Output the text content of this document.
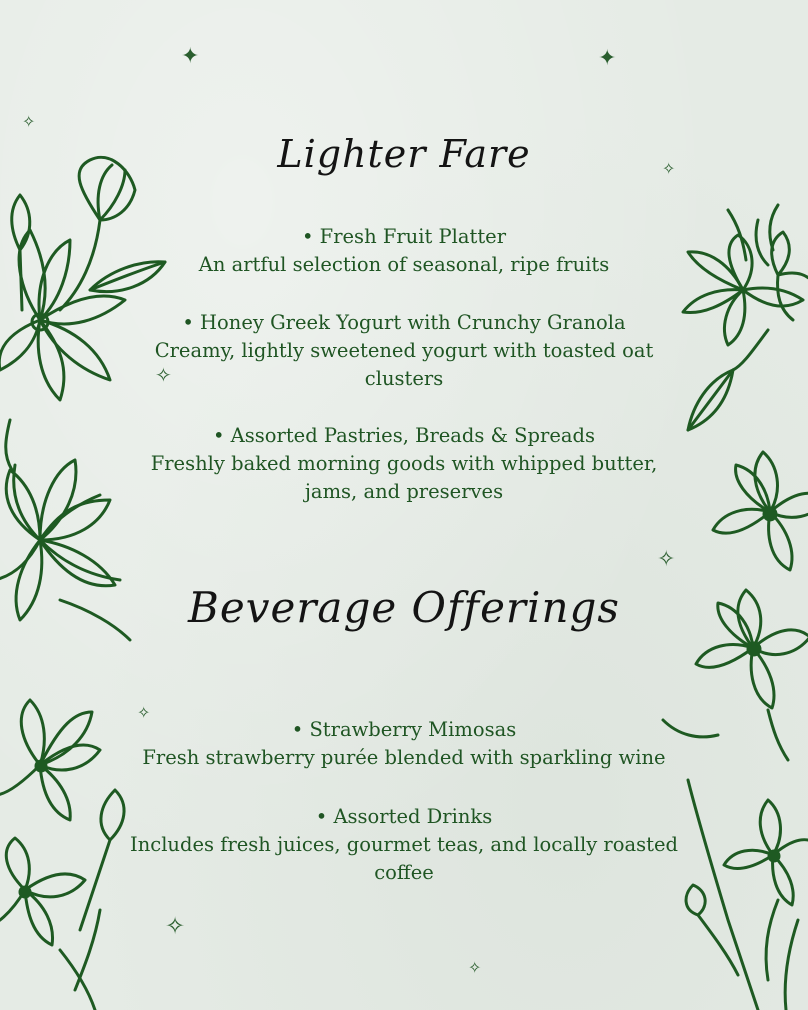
✦	✦
✧
✧
✧
✧
✧
✧
✧
Lighter Fare
• Fresh Fruit Platter
An artful selection of seasonal, ripe fruits
• Honey Greek Yogurt with Crunchy Granola
Creamy, lightly sweetened yogurt with toasted oat clusters
• Assorted Pastries, Breads & Spreads
Freshly baked morning goods with whipped butter, jams, and preserves
Beverage Offerings
• Strawberry Mimosas
Fresh strawberry purée blended with sparkling wine
• Assorted Drinks
Includes fresh juices, gourmet teas, and locally roasted coffee
